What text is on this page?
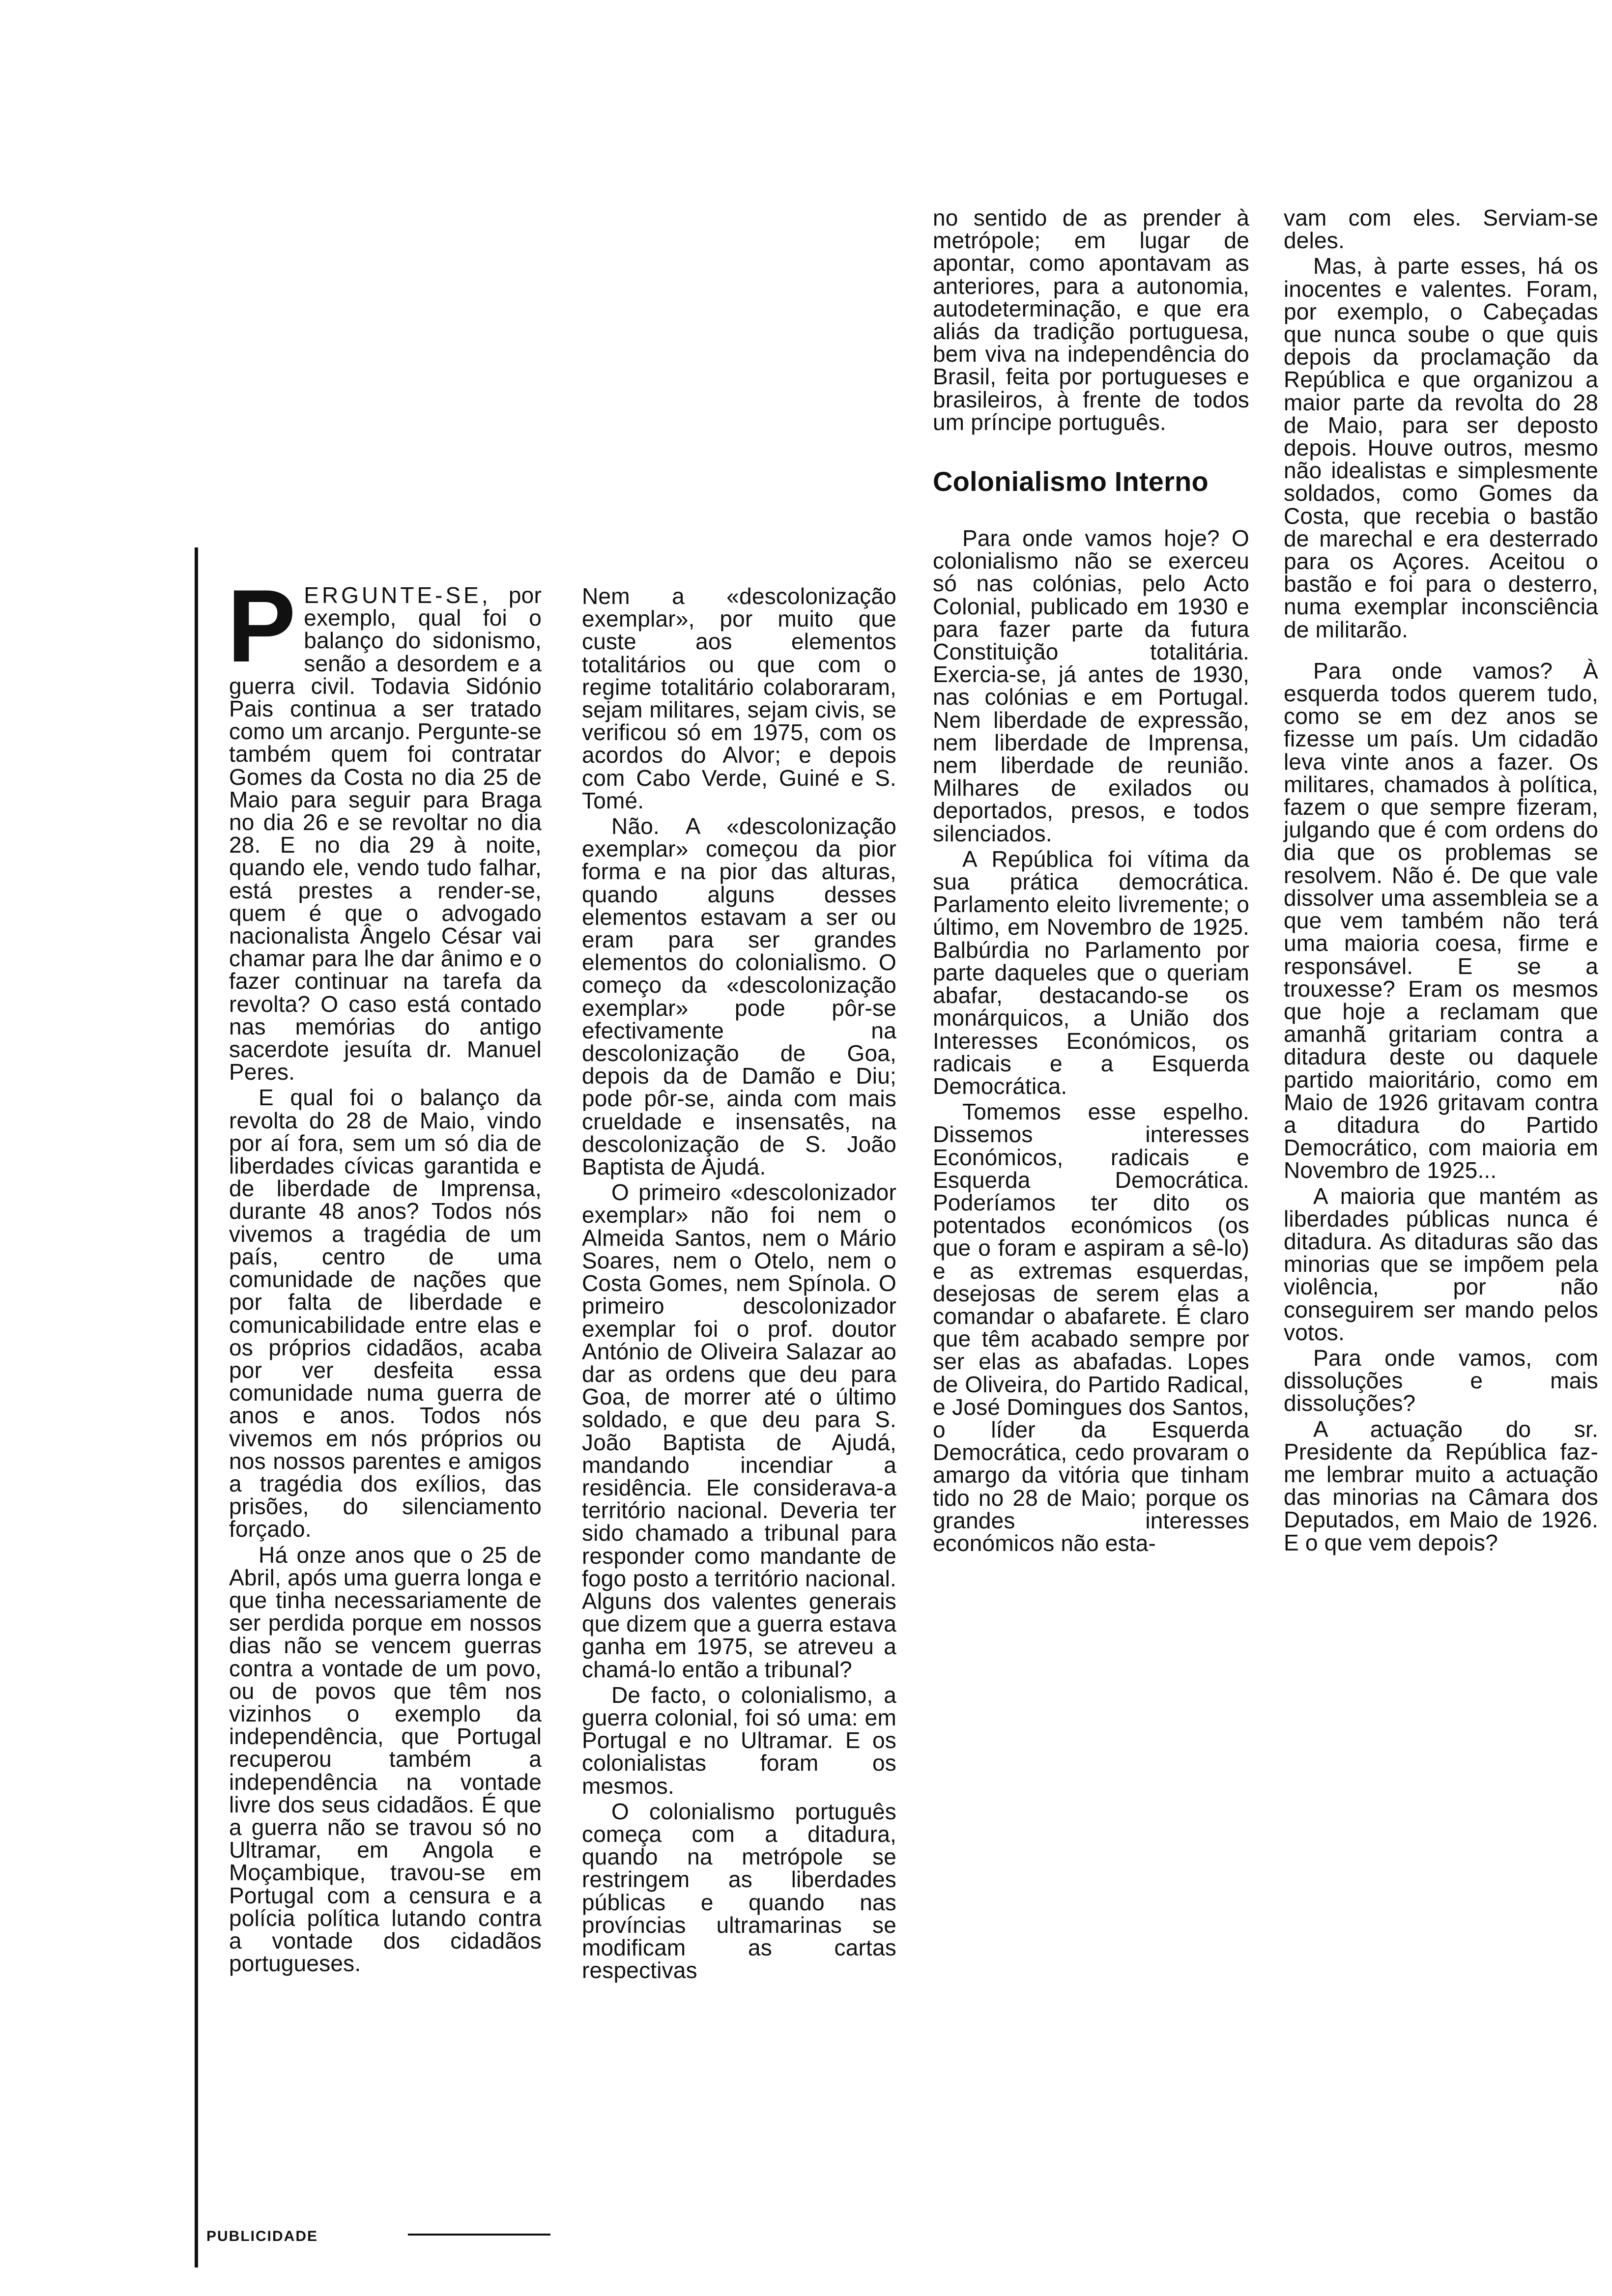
PERGUNTE-SE, por exemplo, qual foi o balanço do sidonismo, senão a desordem e a guerra civil. Todavia Sidónio Pais continua a ser tratado como um arcanjo. Pergunte-se também quem foi contratar Gomes da Costa no dia 25 de Maio para seguir para Braga no dia 26 e se revoltar no dia 28. E no dia 29 à noite, quando ele, vendo tudo falhar, está prestes a render-se, quem é que o advogado nacionalista Ângelo César vai chamar para lhe dar ânimo e o fazer continuar na tarefa da revolta? O caso está contado nas memórias do antigo sacerdote jesuíta dr. Manuel Peres.

E qual foi o balanço da revolta do 28 de Maio, vindo por aí fora, sem um só dia de liberdades cívicas garantida e de liberdade de Imprensa, durante 48 anos? Todos nós vivemos a tragédia de um país, centro de uma comunidade de nações que por falta de liberdade e comunicabilidade entre elas e os próprios cidadãos, acaba por ver desfeita essa comunidade numa guerra de anos e anos. Todos nós vivemos em nós próprios ou nos nossos parentes e amigos a tragédia dos exílios, das prisões, do silenciamento forçado.

Há onze anos que o 25 de Abril, após uma guerra longa e que tinha necessariamente de ser perdida porque em nossos dias não se vencem guerras contra a vontade de um povo, ou de povos que têm nos vizinhos o exemplo da independência, que Portugal recuperou também a independência na vontade livre dos seus cidadãos. É que a guerra não se travou só no Ultramar, em Angola e Moçambique, travou-se em Portugal com a censura e a polícia política lutando contra a vontade dos cidadãos portugueses.

Nem a «descolonização exemplar», por muito que custe aos elementos totalitários ou que com o regime totalitário colaboraram, sejam militares, sejam civis, se verificou só em 1975, com os acordos do Alvor; e depois com Cabo Verde, Guiné e S. Tomé.

Não. A «descolonização exemplar» começou da pior forma e na pior das alturas, quando alguns desses elementos estavam a ser ou eram para ser grandes elementos do colonialismo. O começo da «descolonização exemplar» pode pôr-se efectivamente na descolonização de Goa, depois da de Damão e Diu; pode pôr-se, ainda com mais crueldade e insensatês, na descolonização de S. João Baptista de Ajudá.

O primeiro «descolonizador exemplar» não foi nem o Almeida Santos, nem o Mário Soares, nem o Otelo, nem o Costa Gomes, nem Spínola. O primeiro descolonizador exemplar foi o prof. doutor António de Oliveira Salazar ao dar as ordens que deu para Goa, de morrer até o último soldado, e que deu para S. João Baptista de Ajudá, mandando incendiar a residência. Ele considerava-a território nacional. Deveria ter sido chamado a tribunal para responder como mandante de fogo posto a território nacional. Alguns dos valentes generais que dizem que a guerra estava ganha em 1975, se atreveu a chamá-lo então a tribunal?

De facto, o colonialismo, a guerra colonial, foi só uma: em Portugal e no Ultramar. E os colonialistas foram os mesmos.

O colonialismo português começa com a ditadura, quando na metrópole se restringem as liberdades públicas e quando nas províncias ultramarinas se modificam as cartas respectivas

no sentido de as prender à metrópole; em lugar de apontar, como apontavam as anteriores, para a autonomia, autodeterminação, e que era aliás da tradição portuguesa, bem viva na independência do Brasil, feita por portugueses e brasileiros, à frente de todos um príncipe português.

Colonialismo Interno

Para onde vamos hoje? O colonialismo não se exerceu só nas colónias, pelo Acto Colonial, publicado em 1930 e para fazer parte da futura Constituição totalitária. Exercia-se, já antes de 1930, nas colónias e em Portugal. Nem liberdade de expressão, nem liberdade de Imprensa, nem liberdade de reunião. Milhares de exilados ou deportados, presos, e todos silenciados.

A República foi vítima da sua prática democrática. Parlamento eleito livremente; o último, em Novembro de 1925. Balbúrdia no Parlamento por parte daqueles que o queriam abafar, destacando-se os monárquicos, a União dos Interesses Económicos, os radicais e a Esquerda Democrática.

Tomemos esse espelho. Dissemos interesses Económicos, radicais e Esquerda Democrática. Poderíamos ter dito os potentados económicos (os que o foram e aspiram a sê-lo) e as extremas esquerdas, desejosas de serem elas a comandar o abafarete. É claro que têm acabado sempre por ser elas as abafadas. Lopes de Oliveira, do Partido Radical, e José Domingues dos Santos, o líder da Esquerda Democrática, cedo provaram o amargo da vitória que tinham tido no 28 de Maio; porque os grandes interesses económicos não esta-

vam com eles. Serviam-se deles.

Mas, à parte esses, há os inocentes e valentes. Foram, por exemplo, o Cabeçadas que nunca soube o que quis depois da proclamação da República e que organizou a maior parte da revolta do 28 de Maio, para ser deposto depois. Houve outros, mesmo não idealistas e simplesmente soldados, como Gomes da Costa, que recebia o bastão de marechal e era desterrado para os Açores. Aceitou o bastão e foi para o desterro, numa exemplar inconsciência de militarão.

Para onde vamos? À esquerda todos querem tudo, como se em dez anos se fizesse um país. Um cidadão leva vinte anos a fazer. Os militares, chamados à política, fazem o que sempre fizeram, julgando que é com ordens do dia que os problemas se resolvem. Não é. De que vale dissolver uma assembleia se a que vem também não terá uma maioria coesa, firme e responsável. E se a trouxesse? Eram os mesmos que hoje a reclamam que amanhã gritariam contra a ditadura deste ou daquele partido maioritário, como em Maio de 1926 gritavam contra a ditadura do Partido Democrático, com maioria em Novembro de 1925...

A maioria que mantém as liberdades públicas nunca é ditadura. As ditaduras são das minorias que se impõem pela violência, por não conseguirem ser mando pelos votos.

Para onde vamos, com dissoluções e mais dissoluções?

A actuação do sr. Presidente da República faz-me lembrar muito a actuação das minorias na Câmara dos Deputados, em Maio de 1926. E o que vem depois?

PUBLICIDADE
